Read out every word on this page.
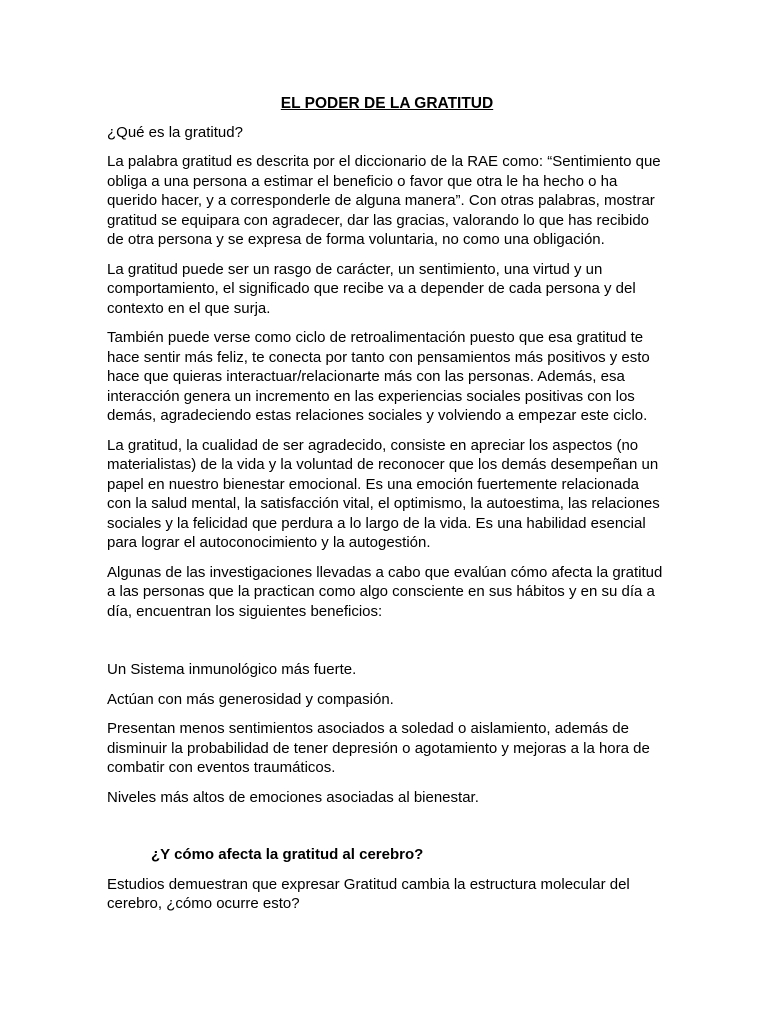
EL PODER DE LA GRATITUD

¿Qué es la gratitud?

La palabra gratitud es descrita por el diccionario de la RAE como: “Sentimiento que obliga a una persona a estimar el beneficio o favor que otra le ha hecho o ha querido hacer, y a corresponderle de alguna manera”. Con otras palabras, mostrar gratitud se equipara con agradecer, dar las gracias, valorando lo que has recibido de otra persona y se expresa de forma voluntaria, no como una obligación.

La gratitud puede ser un rasgo de carácter, un sentimiento, una virtud y un comportamiento, el significado que recibe va a depender de cada persona y del contexto en el que surja.

También puede verse como ciclo de retroalimentación puesto que esa gratitud te hace sentir más feliz, te conecta por tanto con pensamientos más positivos y esto hace que quieras interactuar/relacionarte más con las personas. Además, esa interacción genera un incremento en las experiencias sociales positivas con los demás, agradeciendo estas relaciones sociales y volviendo a empezar este ciclo.

La gratitud, la cualidad de ser agradecido, consiste en apreciar los aspectos (no materialistas) de la vida y la voluntad de reconocer que los demás desempeñan un papel en nuestro bienestar emocional. Es una emoción fuertemente relacionada con la salud mental, la satisfacción vital, el optimismo, la autoestima, las relaciones sociales y la felicidad que perdura a lo largo de la vida. Es una habilidad esencial para lograr el autoconocimiento y la autogestión.

Algunas de las investigaciones llevadas a cabo que evalúan cómo afecta la gratitud a las personas que la practican como algo consciente en sus hábitos y en su día a día, encuentran los siguientes beneficios:

Un Sistema inmunológico más fuerte.

Actúan con más generosidad y compasión.

Presentan menos sentimientos asociados a soledad o aislamiento, además de disminuir la probabilidad de tener depresión o agotamiento y mejoras a la hora de combatir con eventos traumáticos.

Niveles más altos de emociones asociadas al bienestar.

¿Y cómo afecta la gratitud al cerebro?

Estudios demuestran que expresar Gratitud cambia la estructura molecular del cerebro, ¿cómo ocurre esto?
